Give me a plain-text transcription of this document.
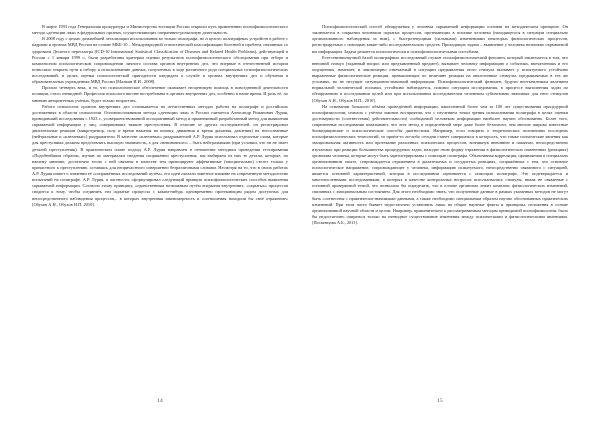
В марте 1993 года Генеральная прокуратура и Министерство юстиции России открыли путь применению психофизиологического метода «детекции лжи» в федеральных органах, осуществляющих оперативно-розыскную деятельность.

В 2008 году с целью дальнейшей легализации использования во только полиграфа, но и целого полиграфных устройств в работе с кадрами и органах МВД России на основе МКБ-10 – Международной статистической классификации болезней и проблем, связанных со здоровьем Десятого пересмотра (ICD-10 International Statistical Classification of Diseases and Related Health Problems), действующей в России с 1 января 1999 г., были разработаны критерии оценки результатов психофизиологического обследования при отборе и комплексном психологическом сопровождении личного состава органов внутренних дел, что впервые в отечественной истории позволило открыть пути к отбору и использованию данных, полученных в ходе различного рода специальных психофизиологических исследований, в целях оценки психологической пригодности кандидата к службе в органах внутренних дел и обучения в образовательных учреждениях МВД России [Малкин И.И., 2008].

Прошло четверть века, и то, что психологическое обеспечение оказывает неоценимую помощь в повседневной деятельности полиции, стало очевидной. Профессия психолога вполне востребована в органах внутренних дел, особенно в наше время. И роль её, по мнению авторитетных учёных, будет только возрастать.

Работа психологов органов внутренних дел основывается на отечественных методах работы на полиграфе и российских достижениях в области психологии. Основоположником метода «детекции лжи» в России считается Александр Романович Лурия, проводивший исследования с 1923 г., усовершенствованной ассоциативный метод и применяемый разработанный метод для выявления скрываемой информации у лиц, совершивших тяжкие преступления. В отличие от других исследователей, он регистрировал двигательные реакции (микротремор, силу и время нажатия на кнопку, движения и время дыхания, давления) на неосознанные (нейтральные и «ключевые») раздражители. В качестве «ключевых» раздражителей А.Р. Лурия использовал отдельные слова, которые для преступника должны представлять высокую значимость, а для «невиновного» – быть нейтральными (при условии, что он не знает деталей преступления). В практическом плане подход А.Р. Лурия направлен в отношении методики проведения тестирования «Подобнейшим образом, изучив по материалам сведения сопряжённо преступления, мы выбираем из них те детали, которые, по нашему мнению, достаточно тесно с ней связаны в качестве тем провоцируют аффективные (эмоционально) стелет только у причастного к преступлению, оставаясь для непричастного совершенно безразличными словами. Несмотря на то, что в своих работах А.Р. Лурия пишет о значении её «сопряжённых исследований путём», его идеи оказали заметное влияние на современную методологию испытаний на полиграфе. А.Р. Лурия, в частности, сформулировал следующий принцип психофизиологических способов выявления скрываемой информации. Согласно этому принципу, «единственным возможным путём вскрытия внутренних, «скрытых» процессов сводится к тому, чтобы соединить эти скрытые процессы с каким-нибудь одновременно протекающим рядом доступных для непосредственного наблюдения процессов,.. в которых внутренняя закономерность и соотношения находили бы своё отражение» [Обухов А.Н., Обухов И.П. 2010].

Психофизиологический способ обнаружения у человека скрываемой информации основан на методическом принципе. Он заключается в сокрытии человеком скрытых процессов, протекающих в психике человека (находящегося в ситуации специально организованного наблюдения за ним), с быстротекущими (сильными) изменениями некоторых физиологических процессов, регистрируемых с помощью какие-либо исследовательских средств. Приходящих задача – выявление у человека возможно скрываемой им информации. Задача решается психологически и психофизиологическими способами.

Естественнонаучной базой полиграфных исследований служит психофизиологический феномен, который заключается в том, что внешний стимул (заданный вопрос или предъявленный предмет), вызывает человеку информацию о событиях, впечатлениях и его ощущениях, намекает, и закономерно отвечаемый в ситуации предъявления этого стимула вызывает у испытуемого устойчиво выраженные физиологические реакции, превышающие по величине реакции на аналогичные стимулы, предъявляемые в тех же условиях, но не несущие ситуационно-значимой информации. Психофизиологический феномен, будучи неотъемлемым явлением нормальной человеческой психики, устойчиво наблюдается, помимо ситуации исследования, в процессе выполнения задач по обнаружению в исследовании целей или при использовании исследователем человеком субъективно значимых для него стимулов [Обухов А.Н., Обухов И.П., 2010].

На основании большого объёма проведённой информации, накопленной более чем за 100 лет существования процедурной психофизиологии, сначала с учётом законов восприятия, что с изучением точки зрения использования полиграфа в целях оценки достоверности (соответствия) действительности) сообщаемой человеком информации наиболее научно обоснованно. Более того, современные исследования показывают, что этот метод в определённой мере даже более безопасен, чем многие широко известные биомедицинские и психологические способы диагностики. Например, если говорить о теоретических положениях последних психофизиологических технологий, то приём-то ли-либо сегодня станет совершаться в которость, что также психические явления как эмоциональная активность или протекание различных психических процессов, возникнув внешнюю и памятью, непосредственно изучаемых при реакции большинства процедурных задач, находит свою форму отражения в физиологических изменениях (реакциях) организма человека, которые могут быть зарегистрированы с помощью полиграфа. Объективная корреляция, проявляемая в специально организованном опыте, сопровождается отражением в дыхательных и сосудистых реакциях, сопряжённых с тем, что основное психологическое напряжение, сопровождающее у человека, информацию испытуемого, непосредственно связанного с ситуацией, является основной характеристикой, которая в исследовании оценивается с помощью полиграфа. Это подтверждается и многочисленными исследованиями, в которых в качестве контрольных вопросов использовались стимулы, никак не связанные с основной проверяемой темой, что позволило бы определить, что в основе организма лежит комплекс физиологических изменений, связанных с эмоциональным состоянием. Для этого необходимо знать, что полученные данные в рамках указанных методов не могут быть соотнесены с практически-значимыми данными, а также необходимо специальным образом научно обоснованных практических изменений. При этом часто бывает недостаточно установить лишь на общие научные факты и принципы, изложения в основе организованной научной области и целом. Например, применительно к рассматриваемым методам приводимой психофизиологии, было бы недостаточно опираться только на очевидное существование изменения между психическими и физиологическими явлениями. [Поскенцова А.Б., 2011].

14	15
